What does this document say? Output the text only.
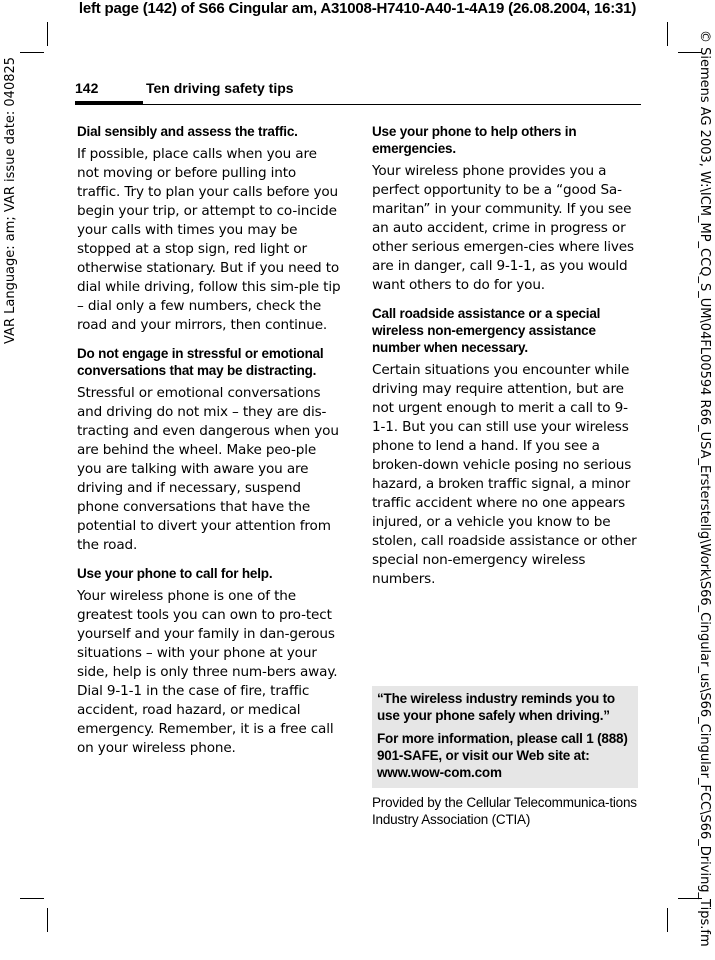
left page (142) of S66 Cingular am, A31008-H7410-A40-1-4A19 (26.08.2004, 16:31)
VAR Language: am; VAR issue date: 040825	© Siemens AG 2003, W:\ICM_MP_CCQ_S_UM\04FL00594 R66_USA_Ersterstellg\Work\S66_Cingular_us\S66_Cingular_FCC\S66_Driving_Tips.fm
142	Ten driving safety tips
Dial sensibly and assess the traffic.

If possible, place calls when you are not moving or before pulling into traffic. Try to plan your calls before you begin your trip, or attempt to co-incide your calls with times you may be stopped at a stop sign, red light or otherwise stationary. But if you need to dial while driving, follow this sim-ple tip – dial only a few numbers, check the road and your mirrors, then continue.

Do not engage in stressful or emotional conversations that may be distracting.

Stressful or emotional conversations and driving do not mix – they are dis-tracting and even dangerous when you are behind the wheel. Make peo-ple you are talking with aware you are driving and if necessary, suspend phone conversations that have the potential to divert your attention from the road.

Use your phone to call for help.

Your wireless phone is one of the greatest tools you can own to pro-tect yourself and your family in dan-gerous situations – with your phone at your side, help is only three num-bers away. Dial 9-1-1 in the case of fire, traffic accident, road hazard, or medical emergency. Remember, it is a free call on your wireless phone.

Use your phone to help others in emergencies.

Your wireless phone provides you a perfect opportunity to be a “good Sa-maritan” in your community. If you see an auto accident, crime in progress or other serious emergen-cies where lives are in danger, call 9-1-1, as you would want others to do for you.

Call roadside assistance or a special wireless non-emergency assistance number when necessary.

Certain situations you encounter while driving may require attention, but are not urgent enough to merit a call to 9-1-1. But you can still use your wireless phone to lend a hand. If you see a broken-down vehicle posing no serious hazard, a broken traffic signal, a minor traffic accident where no one appears injured, or a vehicle you know to be stolen, call roadside assistance or other special non-emergency wireless numbers.

“The wireless industry reminds you to use your phone safely when driving.”

For more information, please call 1 (888) 901-SAFE, or visit our Web site at: www.wow-com.com

Provided by the Cellular Telecommunica-tions Industry Association (CTIA)
